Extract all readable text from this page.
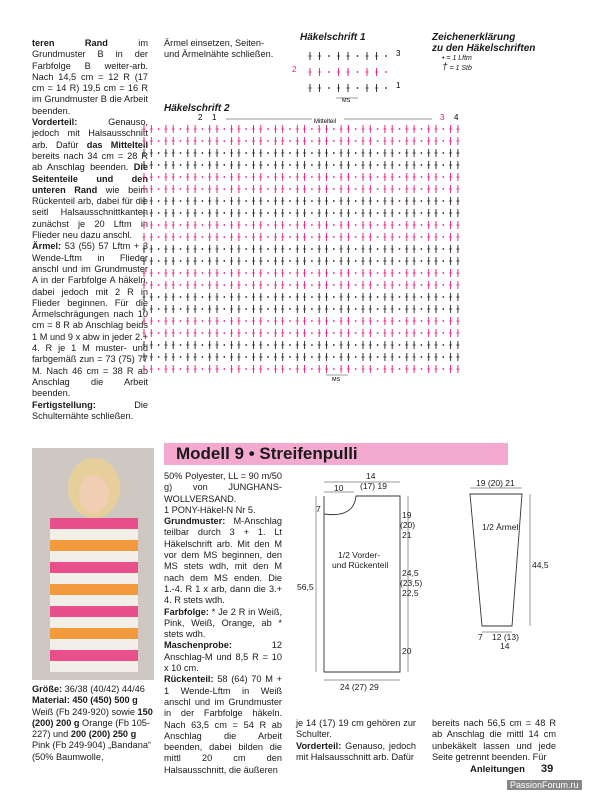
teren Rand im Grundmuster B in der Farbfolge B weiter-arb. Nach 14,5 cm = 12 R (17 cm = 14 R) 19,5 cm = 16 R im Grundmuster B die Arbeit beenden.

Vorderteil: Genauso, jedoch mit Halsausschnitt arb. Dafür das Mittelteil bereits nach 34 cm = 28 R ab Anschlag beenden. Die Seitenteile und den unteren Rand wie beim Rückenteil arb, dabei für die seitl Halsausschnittkanten zunächst je 20 Lftm in Flieder neu dazu anschl.

Ärmel: 53 (55) 57 Lftm + 3 Wende-Lftm in Flieder anschl und im Grundmuster A in der Farbfolge A häkeln, dabei jedoch mit 2 R in Flieder beginnen. Für die Ärmelschrägungen nach 10 cm = 8 R ab Anschlag beids 1 M und 9 x abw in jeder 2.+ 4. R je 1 M muster- und farbgemäß zun = 73 (75) 77 M. Nach 46 cm = 38 R ab Anschlag die Arbeit beenden.

Fertigstellung: Die Schulternähte schließen.

Ärmel einsetzen, Seiten- und Ärmelnähte schließen.

Häkelschrift 1
3
2
1
MS
Zeichenerklärung
zu den Häkelschriften
• = 1 Lftm
† = 1 Stb
Häkelschrift 2
2 1	3 4
Mittelteil
MS
Modell 9 • Streifenpulli

Größe: 36/38 (40/42) 44/46

Material: 450 (450) 500 g Weiß (Fb 249-920) sowie 150 (200) 200 g Orange (Fb 105-227) und 200 (200) 250 g Pink (Fb 249-904) „Bandana“ (50% Baumwolle,

50% Polyester, LL = 90 m/50 g) von JUNGHANS-WOLLVERSAND.

1 PONY-Häkel-N Nr 5.

Grundmuster: M-Anschlag teilbar durch 3 + 1. Lt Häkelschrift arb. Mit den M vor dem MS beginnen, den MS stets wdh, mit den M nach dem MS enden. Die 1.-4. R 1 x arb, dann die 3.+ 4. R stets wdh.

Farbfolge: * Je 2 R in Weiß, Pink, Weiß, Orange, ab * stets wdh.

Maschenprobe: 12 Anschlag-M und 8,5 R = 10 x 10 cm.

Rückenteil: 58 (64) 70 M + 1 Wende-Lftm in Weiß anschl und im Grundmuster in der Farbfolge häkeln. Nach 63,5 cm = 54 R ab Anschlag die Arbeit beenden, dabei bilden die mittl 20 cm den Halsausschnitt, die äußeren

14
(17) 19
10
7
19
(20)
21
1/2 Vorder-
und Rückenteil
56,5
24,5
(23,5)
22,5
20
24 (27) 29
19 (20) 21
1/2 Ärmel
44,5
7 12 (13)
14

je 14 (17) 19 cm gehören zur Schulter.

Vorderteil: Genauso, jedoch mit Halsausschnitt arb. Dafür

bereits nach 56,5 cm = 48 R ab Anschlag die mittl 14 cm unbekäkelt lassen und jede Seite getrennt beenden. Für

Anleitungen 39
PassionForum.ru
